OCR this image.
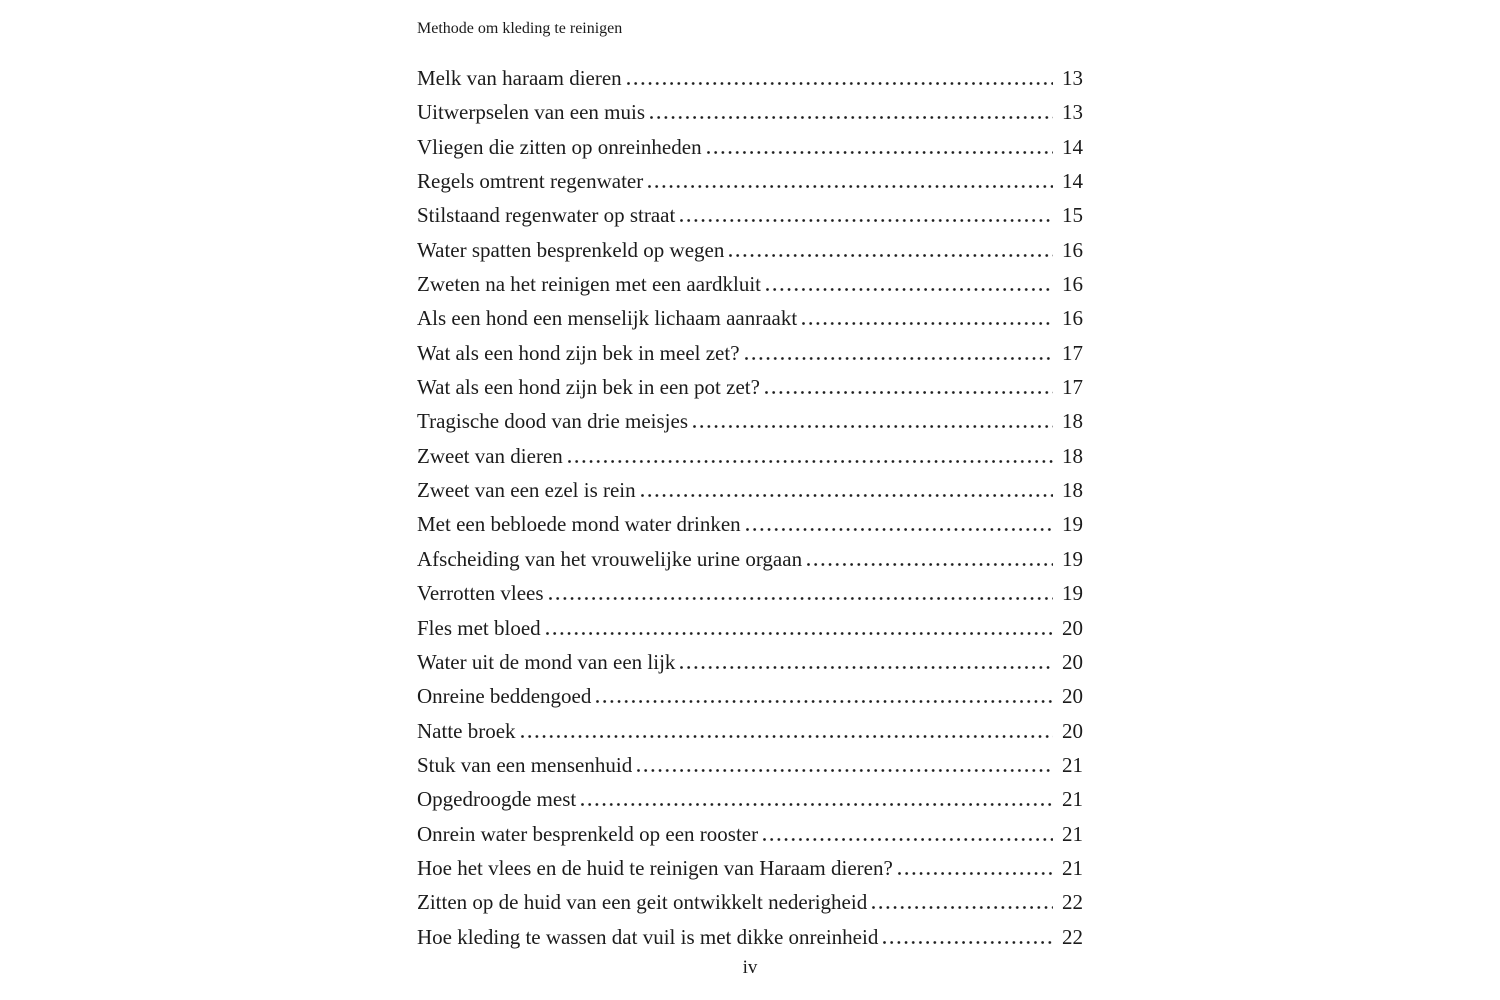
Methode om kleding te reinigen
Melk van haraam dieren	13
Uitwerpselen van een muis	13
Vliegen die zitten op onreinheden	14
Regels omtrent regenwater	14
Stilstaand regenwater op straat	15
Water spatten besprenkeld op wegen	16
Zweten na het reinigen met een aardkluit	16
Als een hond een menselijk lichaam aanraakt	16
Wat als een hond zijn bek in meel zet?	17
Wat als een hond zijn bek in een pot zet?	17
Tragische dood van drie meisjes	18
Zweet van dieren	18
Zweet van een ezel is rein	18
Met een bebloede mond water drinken	19
Afscheiding van het vrouwelijke urine orgaan	19
Verrotten vlees	19
Fles met bloed	20
Water uit de mond van een lijk	20
Onreine beddengoed	20
Natte broek	20
Stuk van een mensenhuid	21
Opgedroogde mest	21
Onrein water besprenkeld op een rooster	21
Hoe het vlees en de huid te reinigen van Haraam dieren?	21
Zitten op de huid van een geit ontwikkelt nederigheid	22
Hoe kleding te wassen dat vuil is met dikke onreinheid	22
iv
